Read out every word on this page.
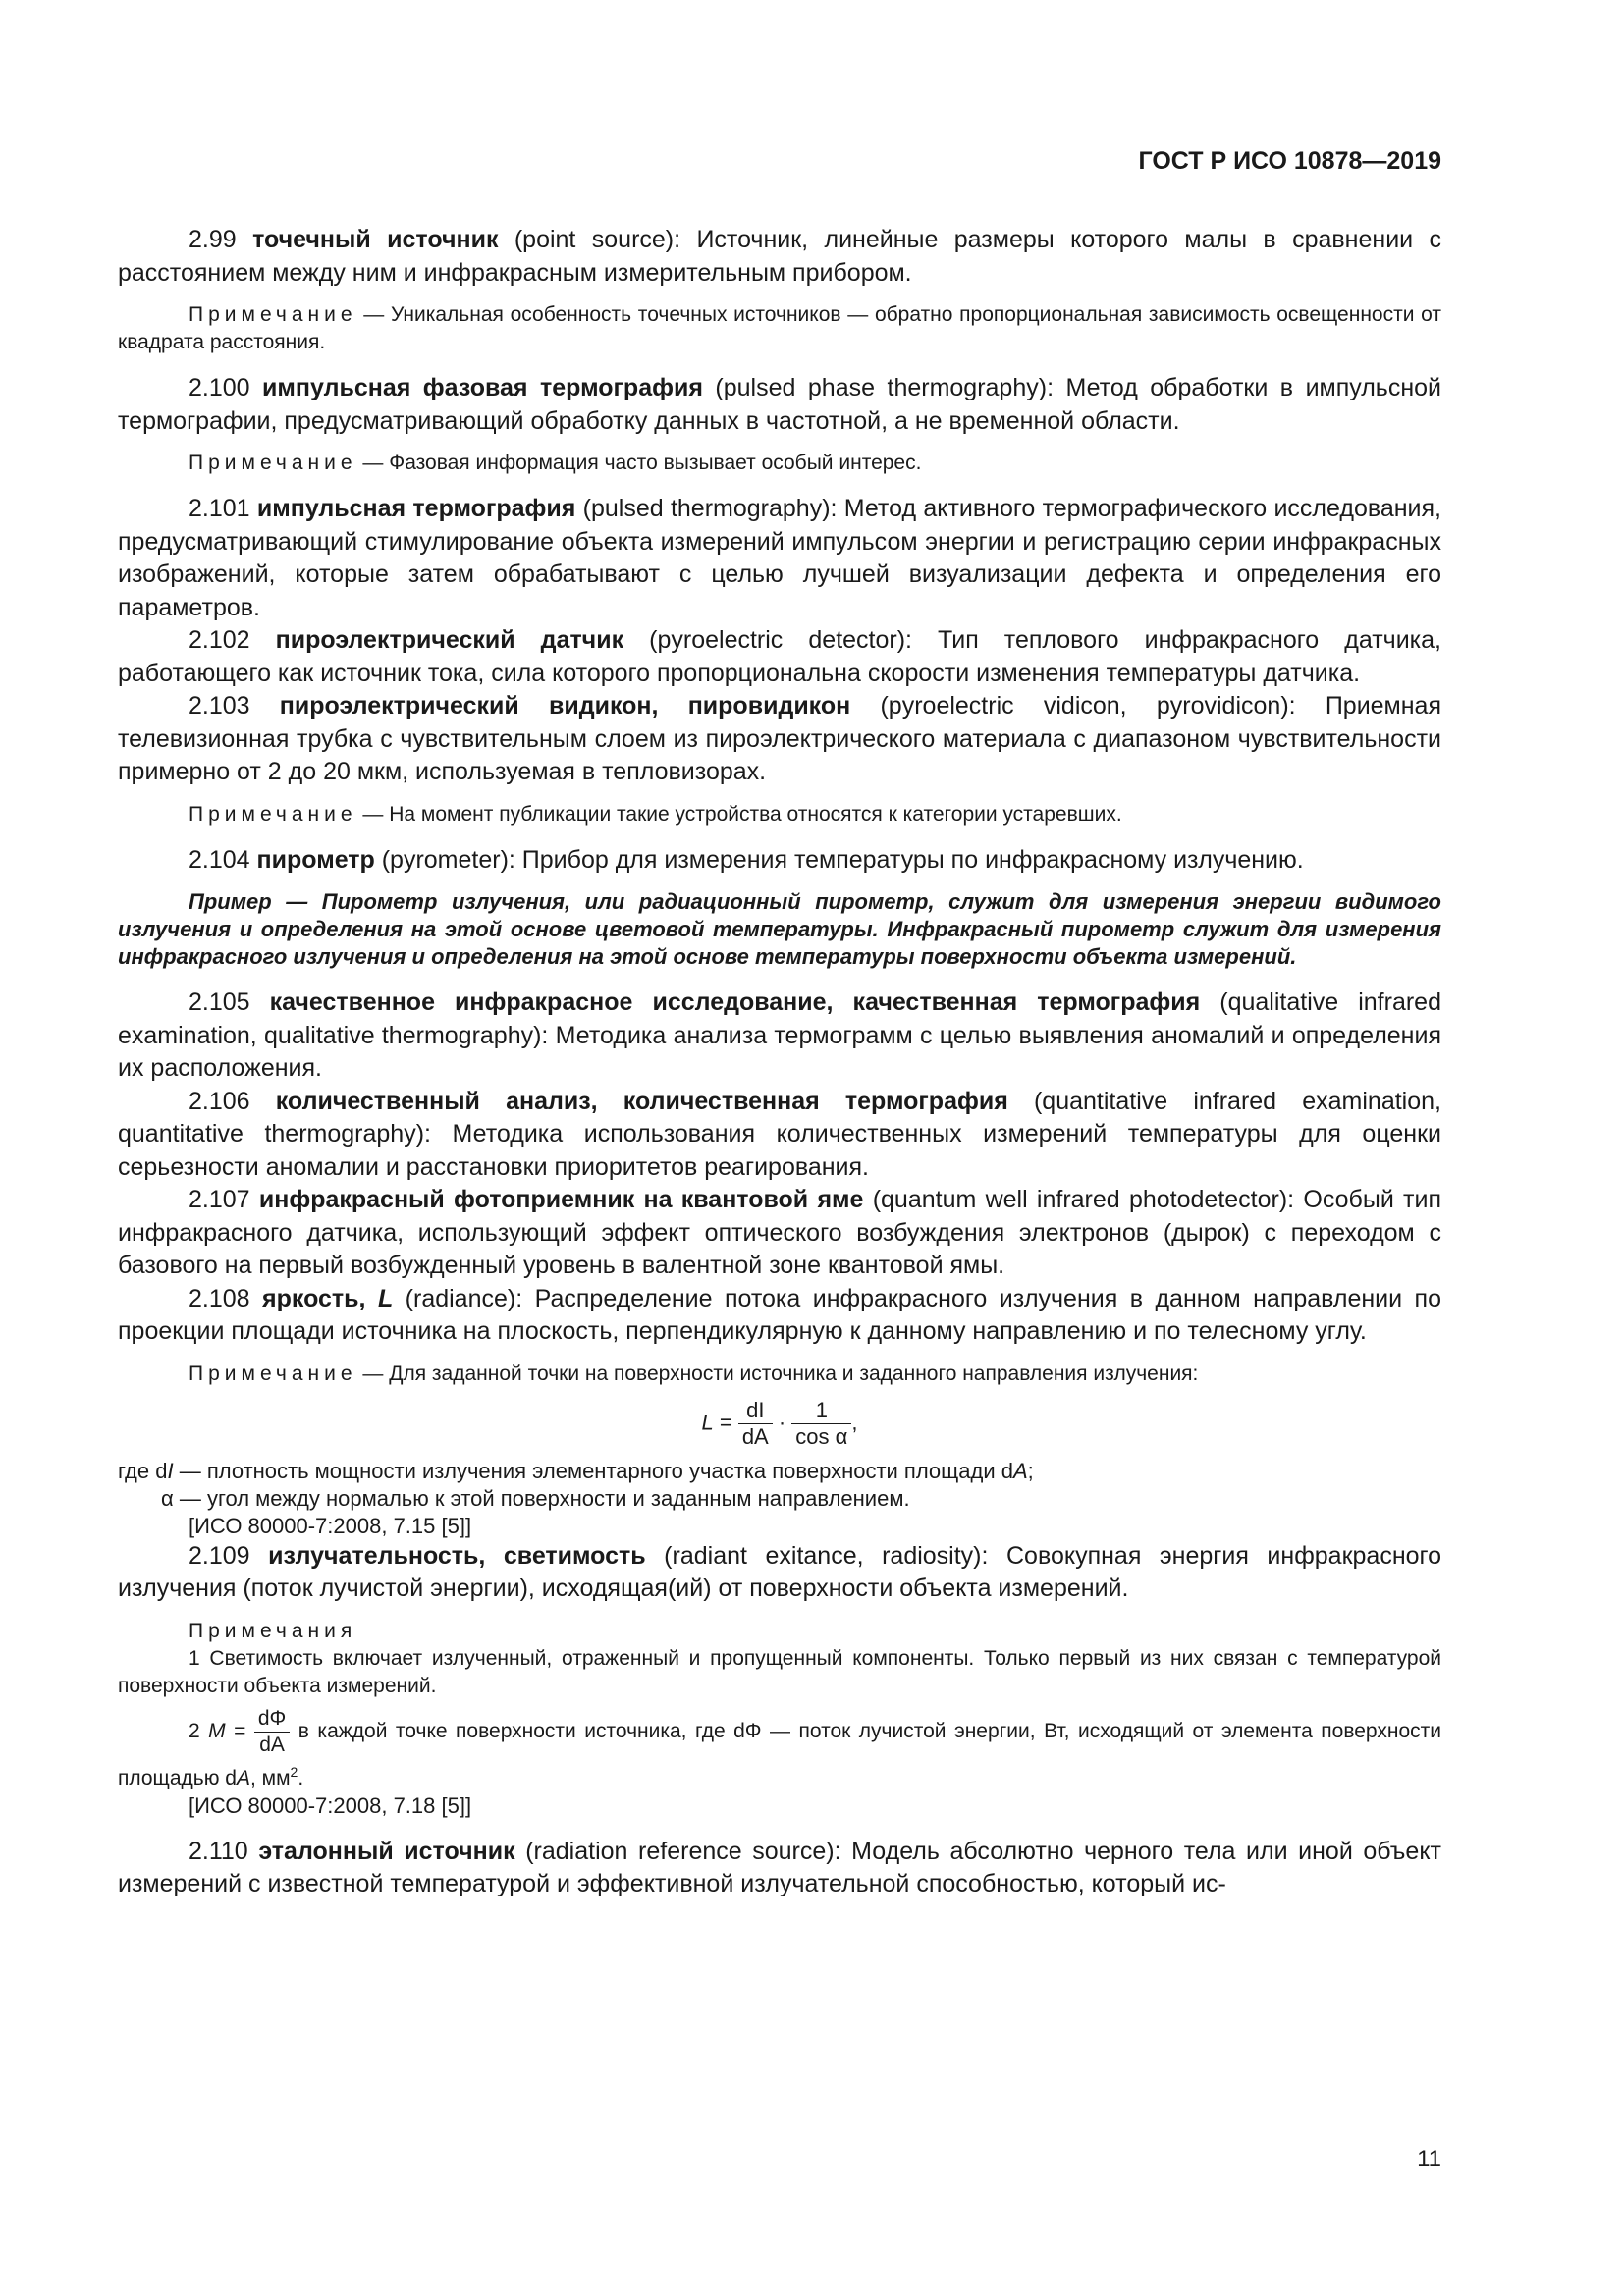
ГОСТ Р ИСО 10878—2019

2.99 точечный источник (point source): Источник, линейные размеры которого малы в сравнении с расстоянием между ним и инфракрасным измерительным прибором.

Примечание — Уникальная особенность точечных источников — обратно пропорциональная зависимость освещенности от квадрата расстояния.

2.100 импульсная фазовая термография (pulsed phase thermography): Метод обработки в импульсной термографии, предусматривающий обработку данных в частотной, а не временной области.

Примечание — Фазовая информация часто вызывает особый интерес.

2.101 импульсная термография (pulsed thermography): Метод активного термографического исследования, предусматривающий стимулирование объекта измерений импульсом энергии и регистрацию серии инфракрасных изображений, которые затем обрабатывают с целью лучшей визуализации дефекта и определения его параметров.

2.102 пироэлектрический датчик (pyroelectric detector): Тип теплового инфракрасного датчика, работающего как источник тока, сила которого пропорциональна скорости изменения температуры датчика.

2.103 пироэлектрический видикон, пировидикон (pyroelectric vidicon, pyrovidicon): Приемная телевизионная трубка с чувствительным слоем из пироэлектрического материала с диапазоном чувствительности примерно от 2 до 20 мкм, используемая в тепловизорах.

Примечание — На момент публикации такие устройства относятся к категории устаревших.

2.104 пирометр (pyrometer): Прибор для измерения температуры по инфракрасному излучению.

Пример — Пирометр излучения, или радиационный пирометр, служит для измерения энергии видимого излучения и определения на этой основе цветовой температуры. Инфракрасный пирометр служит для измерения инфракрасного излучения и определения на этой основе температуры поверхности объекта измерений.

2.105 качественное инфракрасное исследование, качественная термография (qualitative infrared examination, qualitative thermography): Методика анализа термограмм с целью выявления аномалий и определения их расположения.

2.106 количественный анализ, количественная термография (quantitative infrared examination, quantitative thermography): Методика использования количественных измерений температуры для оценки серьезности аномалии и расстановки приоритетов реагирования.

2.107 инфракрасный фотоприемник на квантовой яме (quantum well infrared photodetector): Особый тип инфракрасного датчика, использующий эффект оптического возбуждения электронов (дырок) с переходом с базового на первый возбужденный уровень в валентной зоне квантовой ямы.

2.108 яркость, L (radiance): Распределение потока инфракрасного излучения в данном направлении по проекции площади источника на плоскость, перпендикулярную к данному направлению и по телесному углу.

Примечание — Для заданной точки на поверхности источника и заданного направления излучения:

$L = \frac{dI}{dA} \cdot \frac{1}{\text{cos α}}$ ,
где dI — плотность мощности излучения элементарного участка поверхности площади dA;
α — угол между нормалью к этой поверхности и заданным направлением.
[ИСО 80000-7:2008, 7.15 [5]]

2.109 излучательность, светимость (radiant exitance, radiosity): Совокупная энергия инфракрасного излучения (поток лучистой энергии), исходящая(ий) от поверхности объекта измерений.

Примечания

1 Светимость включает излученный, отраженный и пропущенный компоненты. Только первый из них связан с температурой поверхности объекта измерений.

2 $M = \frac{d\Phi}{dA}$ в каждой точке поверхности источника, где dΦ — поток лучистой энергии, Вт, исходящий от элемента поверхности площадью dA, $мм^2$.

[ИСО 80000-7:2008, 7.18 [5]]

2.110 эталонный источник (radiation reference source): Модель абсолютно черного тела или иной объект измерений с известной температурой и эффективной излучательной способностью, который ис-

11
